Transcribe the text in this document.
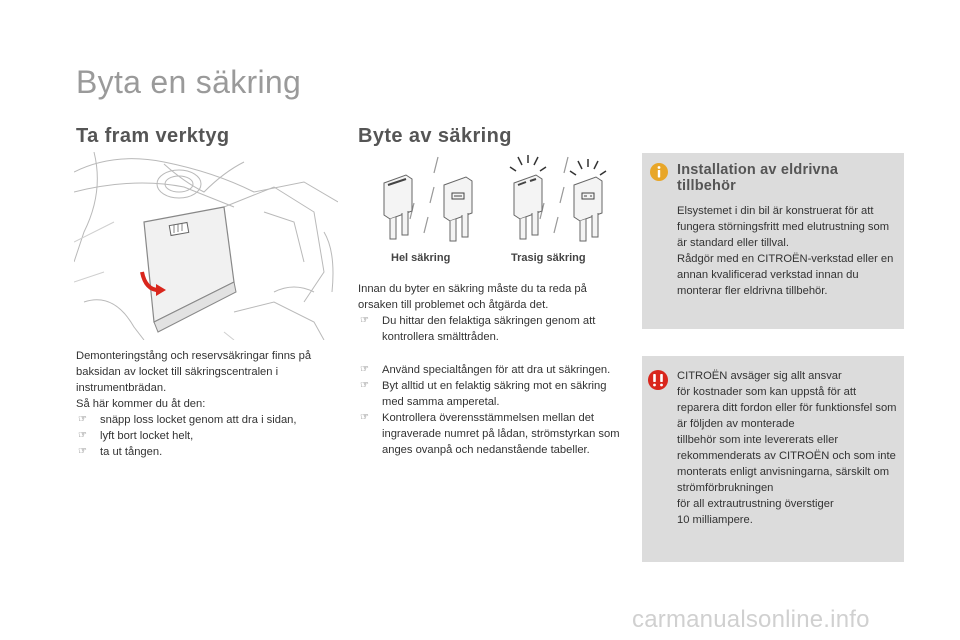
Byta en säkring
Ta fram verktyg
Demonteringstång och reservsäkringar finns på baksidan av locket till säkringscentralen i instrumentbrädan.
Så här kommer du åt den:
☞ snäpp loss locket genom att dra i sidan,
☞ lyft bort locket helt,
☞ ta ut tången.
Byte av säkring
Hel säkring	Trasig säkring
Innan du byter en säkring måste du ta reda på orsaken till problemet och åtgärda det.
☞ Du hittar den felaktiga säkringen genom att kontrollera smälttråden.
☞ Använd specialtången för att dra ut säkringen.
☞ Byt alltid ut en felaktig säkring mot en säkring med samma amperetal.
☞ Kontrollera överensstämmelsen mellan det ingraverade numret på lådan, strömstyrkan som anges ovanpå och nedanstående tabeller.
Installation av eldrivna tillbehör
Elsystemet i din bil är konstruerat för att fungera störningsfritt med elutrustning som är standard eller tillval.
Rådgör med en CITROËN-verkstad eller en annan kvalificerad verkstad innan du monterar fler eldrivna tillbehör.
CITROËN avsäger sig allt ansvar
för kostnader som kan uppstå för att reparera ditt fordon eller för funktionsfel som är följden av monterade
tillbehör som inte levererats eller rekommenderats av CITROËN och som inte monterats enligt anvisningarna, särskilt om strömförbrukningen
för all extrautrustning överstiger
10 milliampere.
carmanualsonline.info
